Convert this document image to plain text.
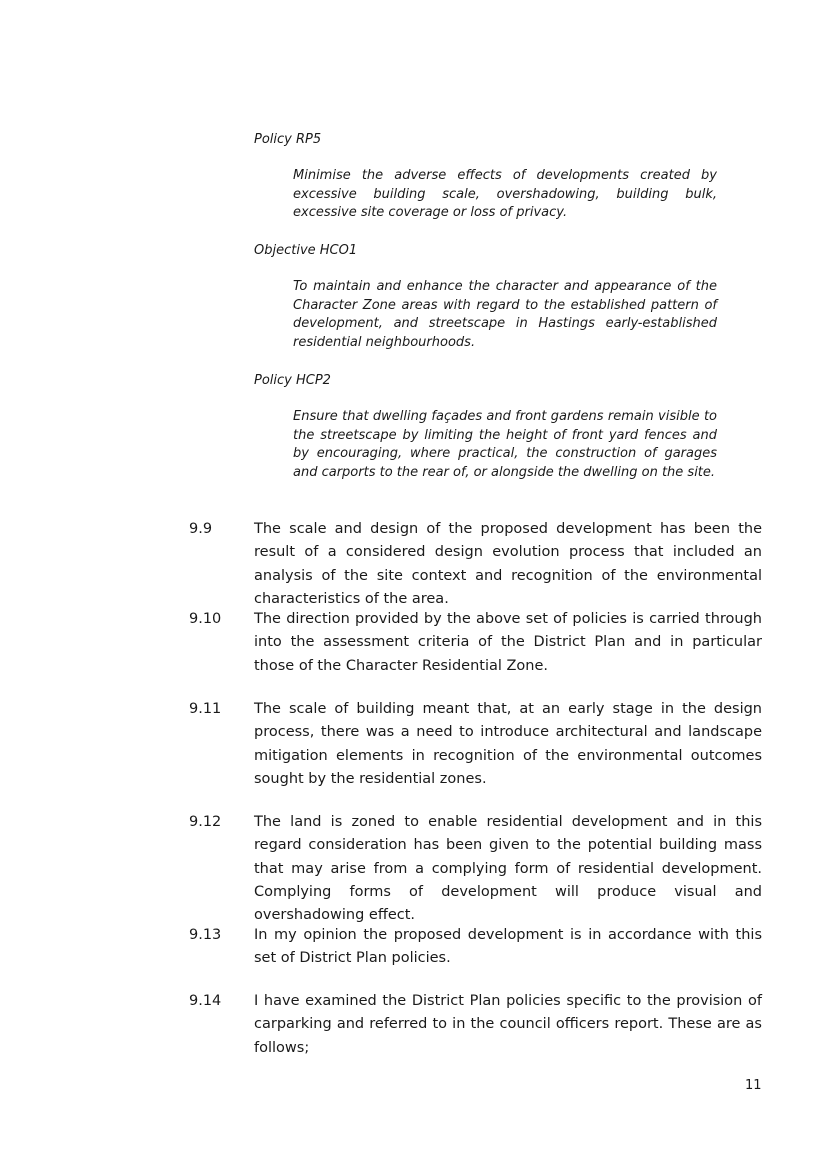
Policy RP5

Minimise the adverse effects of developments created by excessive building scale, overshadowing, building bulk, excessive site coverage or loss of privacy.

Objective HCO1

To maintain and enhance the character and appearance of the Character Zone areas with regard to the established pattern of development, and streetscape in Hastings early-established residential neighbourhoods.

Policy HCP2

Ensure that dwelling façades and front gardens remain visible to the streetscape by limiting the height of front yard fences and by encouraging, where practical, the construction of garages and carports to the rear of, or alongside the dwelling on the site.

9.9	The scale and design of the proposed development has been the result of a considered design evolution process that included an analysis of the site context and recognition of the environmental characteristics of the area.

9.10 The direction provided by the above set of policies is carried through into the assessment criteria of the District Plan and in particular those of the Character Residential Zone.

9.11 The scale of building meant that, at an early stage in the design process, there was a need to introduce architectural and landscape mitigation elements in recognition of the environmental outcomes sought by the residential zones.

9.12 The land is zoned to enable residential development and in this regard consideration has been given to the potential building mass that may arise from a complying form of residential development. Complying forms of development will produce visual and overshadowing effect.

9.13 In my opinion the proposed development is in accordance with this set of District Plan policies.

9.14 I have examined the District Plan policies specific to the provision of carparking and referred to in the council officers report. These are as follows;

11
